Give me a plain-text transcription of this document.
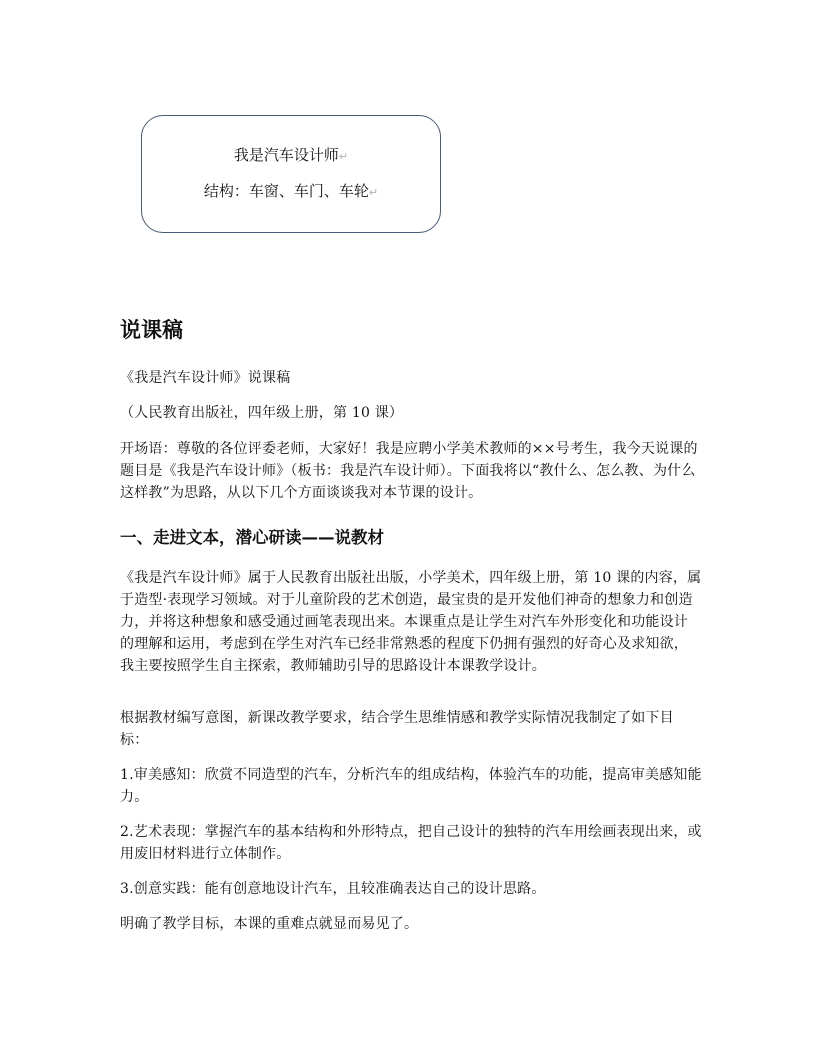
我是汽车设计师↵
结构：车窗、车门、车轮↵
说课稿

《我是汽车设计师》说课稿

（人民教育出版社，四年级上册，第 10 课）

开场语：尊敬的各位评委老师，大家好！我是应聘小学美术教师的××号考生，我今天说课的题目是《我是汽车设计师》（板书：我是汽车设计师）。下面我将以“教什么、怎么教、为什么这样教”为思路，从以下几个方面谈谈我对本节课的设计。

一、走进文本，潜心研读——说教材

《我是汽车设计师》属于人民教育出版社出版，小学美术，四年级上册，第 10 课的内容，属于造型·表现学习领域。对于儿童阶段的艺术创造，最宝贵的是开发他们神奇的想象力和创造力，并将这种想象和感受通过画笔表现出来。本课重点是让学生对汽车外形变化和功能设计的理解和运用，考虑到在学生对汽车已经非常熟悉的程度下仍拥有强烈的好奇心及求知欲，我主要按照学生自主探索，教师辅助引导的思路设计本课教学设计。

根据教材编写意图，新课改教学要求，结合学生思维情感和教学实际情况我制定了如下目标：

1.审美感知：欣赏不同造型的汽车，分析汽车的组成结构，体验汽车的功能，提高审美感知能力。

2.艺术表现：掌握汽车的基本结构和外形特点，把自己设计的独特的汽车用绘画表现出来，或用废旧材料进行立体制作。

3.创意实践：能有创意地设计汽车，且较准确表达自己的设计思路。

明确了教学目标，本课的重难点就显而易见了。
